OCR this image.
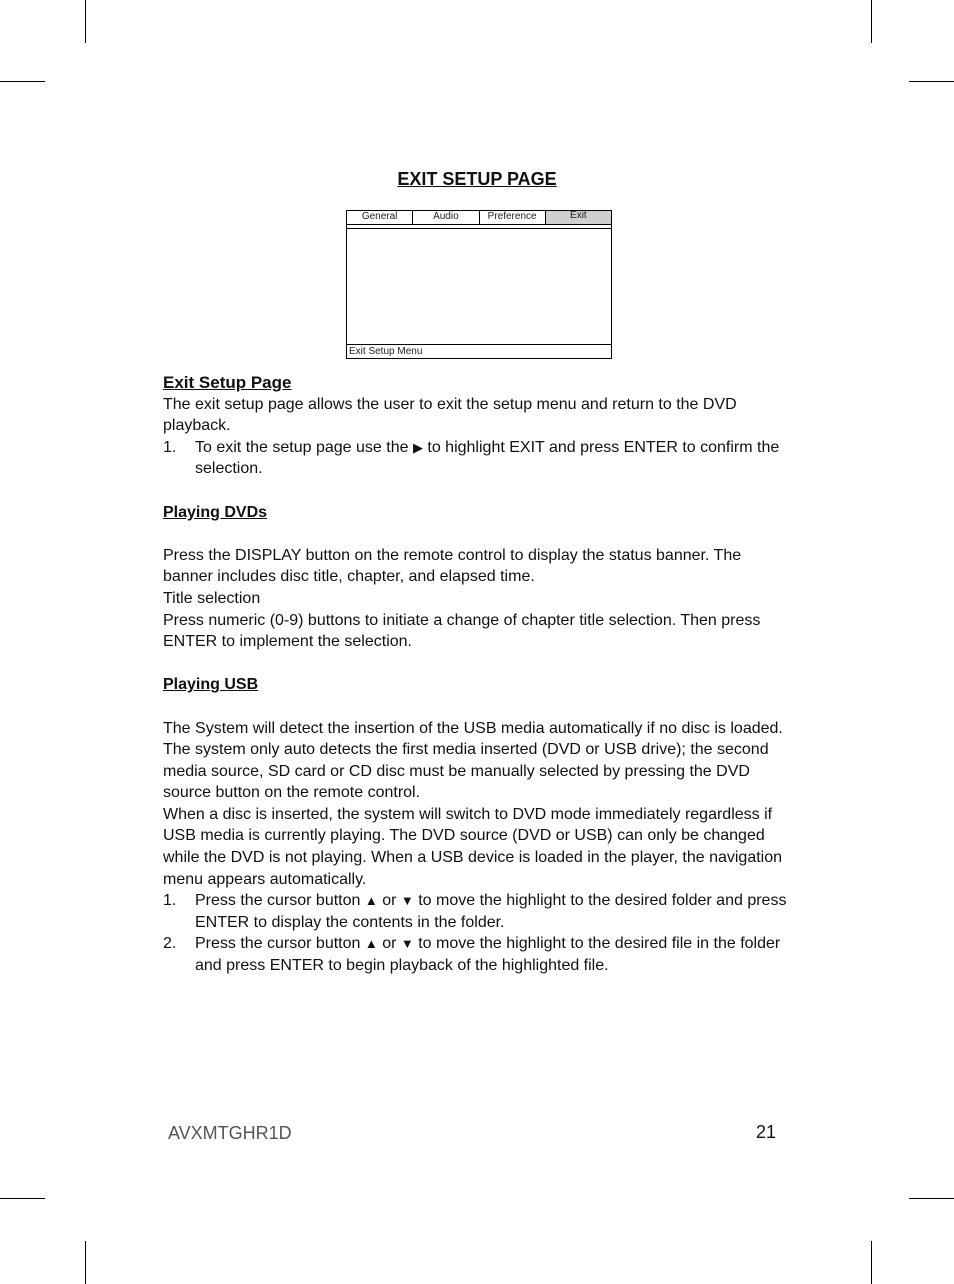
EXIT SETUP PAGE
General	Audio	Preference	Exit
Exit Setup Menu

Exit Setup Page

The exit setup page allows the user to exit the setup menu and return to the DVD playback.

1.	To exit the setup page use the ▶ to highlight EXIT and press ENTER to confirm the selection.

Playing DVDs

Press the DISPLAY button on the remote control to display the status banner. The banner includes disc title, chapter, and elapsed time.

Title selection

Press numeric (0-9) buttons to initiate a change of chapter title selection. Then press ENTER to implement the selection.

Playing USB

The System will detect the insertion of the USB media automatically if no disc is loaded. The system only auto detects the first media inserted (DVD or USB drive); the second media source, SD card or CD disc must be manually selected by pressing the DVD source button on the remote control.

When a disc is inserted, the system will switch to DVD mode immediately regardless if USB media is currently playing. The DVD source (DVD or USB) can only be changed while the DVD is not playing. When a USB device is loaded in the player, the navigation menu appears automatically.

1.	Press the cursor button ▲ or ▼ to move the highlight to the desired folder and press ENTER to display the contents in the folder.
2.	Press the cursor button ▲ or ▼ to move the highlight to the desired file in the folder and press ENTER to begin playback of the highlighted file.
AVXMTGHR1D	21
